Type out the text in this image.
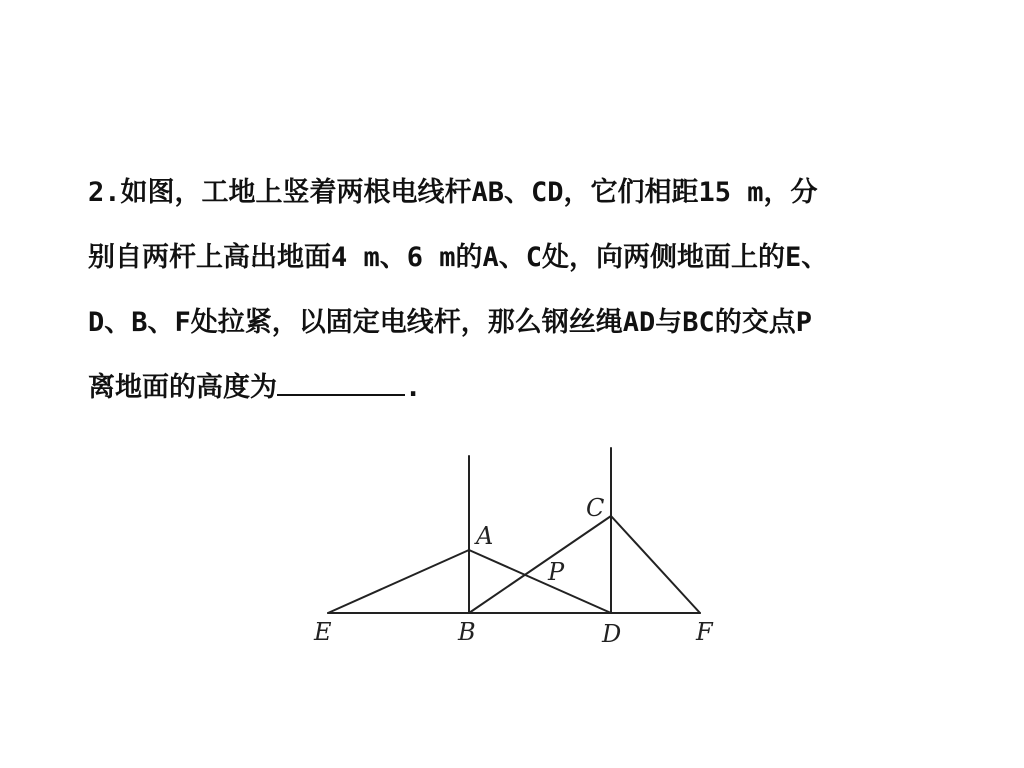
2.如图，工地上竖着两根电线杆AB、CD，它们相距15 m，分
别自两杆上高出地面4 m、6 m的A、C处，向两侧地面上的E、
D、B、F处拉紧，以固定电线杆，那么钢丝绳AD与BC的交点P
离地面的高度为	.
A
B
C
D
E	F
P
